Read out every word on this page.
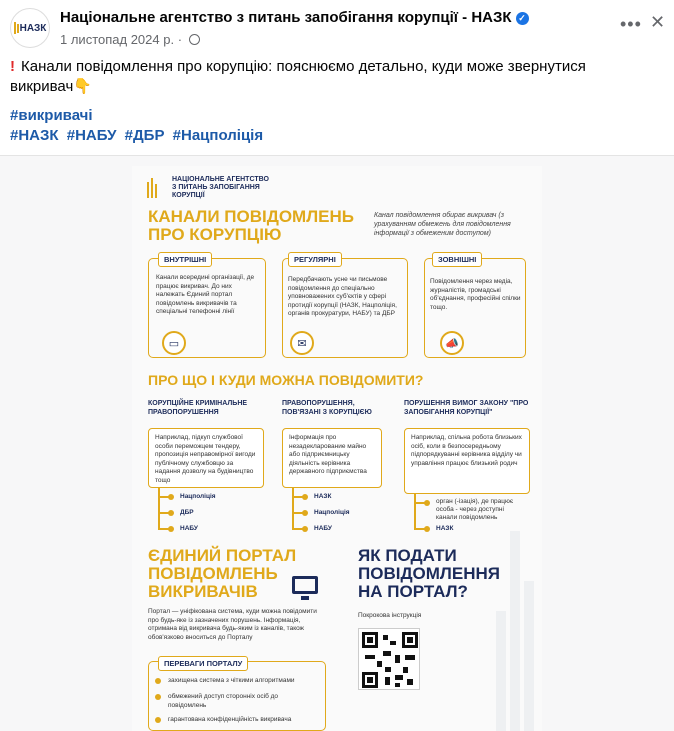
НАЗК
Національне агентство з питань запобігання корупції - НАЗК ✓
1 листопад 2024 р. ·
••• ✕
! Канали повідомлення про корупцію: пояснюємо детально, куди може звернутися викривач👇
#викривачі
#НАЗК #НАБУ #ДБР #Нацполіція
НАЦІОНАЛЬНЕ АГЕНТСТВО
З ПИТАНЬ ЗАПОБІГАННЯ
КОРУПЦІЇ
КАНАЛИ ПОВІДОМЛЕНЬ
ПРО КОРУПЦІЮ
Канал повідомлення обирає викривач (з урахуванням обмежень для повідомлення інформації з обмеженим доступом)
ВНУТРІШНІ
Канали всередині організації, де працює викривач. До них належать Єдиний портал повідомлень викривачів та спеціальні телефонні лінії
▭
РЕГУЛЯРНІ
Передбачають усне чи письмове повідомлення до спеціально уповноважених суб'єктів у сфері протидії корупції (НАЗК, Нацполіція, органів прокуратури, НАБУ) та ДБР
✉
ЗОВНІШНІ
Повідомлення через медіа, журналістів, громадські об'єднання, професійні спілки тощо.
📣
ПРО ЩО І КУДИ МОЖНА ПОВІДОМИТИ?
КОРУПЦІЙНЕ КРИМІНАЛЬНЕ ПРАВОПОРУШЕННЯ
Наприклад, підкуп службової особи переможцем тендеру, пропозиція неправомірної вигоди публічному службовцю за надання дозволу на будівництво тощо
Нацполіція
ДБР
НАБУ
ПРАВОПОРУШЕННЯ, ПОВ'ЯЗАНІ З КОРУПЦІЄЮ
Інформація про незадекларование майно або підприємницьку діяльність керівника державного підприємства
НАЗК
Нацполіція
НАБУ
ПОРУШЕННЯ ВИМОГ ЗАКОНУ "ПРО ЗАПОБІГАННЯ КОРУПЦІЇ"
Наприклад, спільна робота близьких осіб, коли в безпосередньому підпорядкуванні керівника відділу чи управління працює близький родич
орган (-ізація), де працює особа - через доступні канали повідомлень
НАЗК
ЄДИНИЙ ПОРТАЛ
ПОВІДОМЛЕНЬ
ВИКРИВАЧІВ
Портал — уніфікована система, куди можна повідомити про будь-яке із зазначених порушень. Інформація, отримана від викривача будь-яким із каналів, також обов'язково вноситься до Порталу
ПЕРЕВАГИ ПОРТАЛУ
захищена система з чіткими алгоритмами
обмежений доступ сторонніх осіб до повідомлень
гарантована конфіденційність викривача
ЯК ПОДАТИ
ПОВІДОМЛЕННЯ
НА ПОРТАЛ?
Покрокова інструкція
